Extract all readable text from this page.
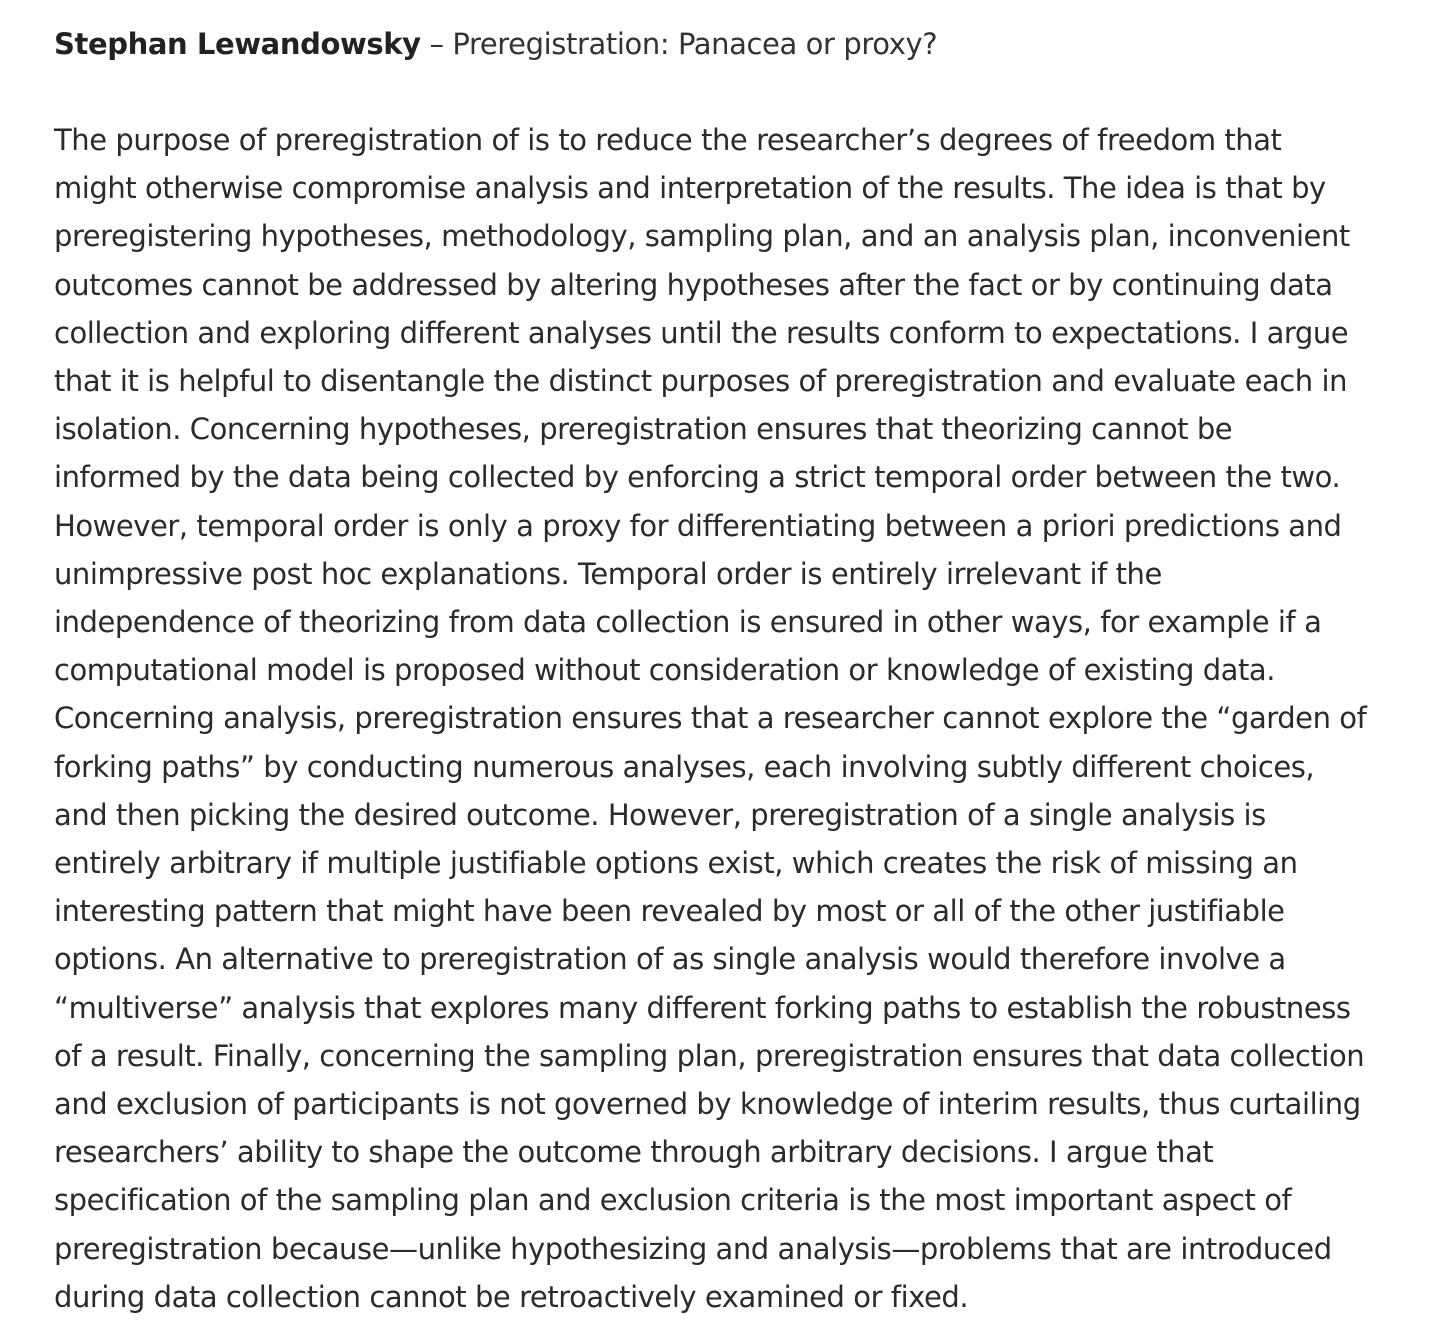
Stephan Lewandowsky – Preregistration: Panacea or proxy?
The purpose of preregistration of is to reduce the researcher’s degrees of freedom that
might otherwise compromise analysis and interpretation of the results. The idea is that by
preregistering hypotheses, methodology, sampling plan, and an analysis plan, inconvenient
outcomes cannot be addressed by altering hypotheses after the fact or by continuing data
collection and exploring different analyses until the results conform to expectations. I argue
that it is helpful to disentangle the distinct purposes of preregistration and evaluate each in
isolation. Concerning hypotheses, preregistration ensures that theorizing cannot be
informed by the data being collected by enforcing a strict temporal order between the two.
However, temporal order is only a proxy for differentiating between a priori predictions and
unimpressive post hoc explanations. Temporal order is entirely irrelevant if the
independence of theorizing from data collection is ensured in other ways, for example if a
computational model is proposed without consideration or knowledge of existing data.
Concerning analysis, preregistration ensures that a researcher cannot explore the “garden of
forking paths” by conducting numerous analyses, each involving subtly different choices,
and then picking the desired outcome. However, preregistration of a single analysis is
entirely arbitrary if multiple justifiable options exist, which creates the risk of missing an
interesting pattern that might have been revealed by most or all of the other justifiable
options. An alternative to preregistration of as single analysis would therefore involve a
“multiverse” analysis that explores many different forking paths to establish the robustness
of a result. Finally, concerning the sampling plan, preregistration ensures that data collection
and exclusion of participants is not governed by knowledge of interim results, thus curtailing
researchers’ ability to shape the outcome through arbitrary decisions. I argue that
specification of the sampling plan and exclusion criteria is the most important aspect of
preregistration because—unlike hypothesizing and analysis—problems that are introduced
during data collection cannot be retroactively examined or fixed.
